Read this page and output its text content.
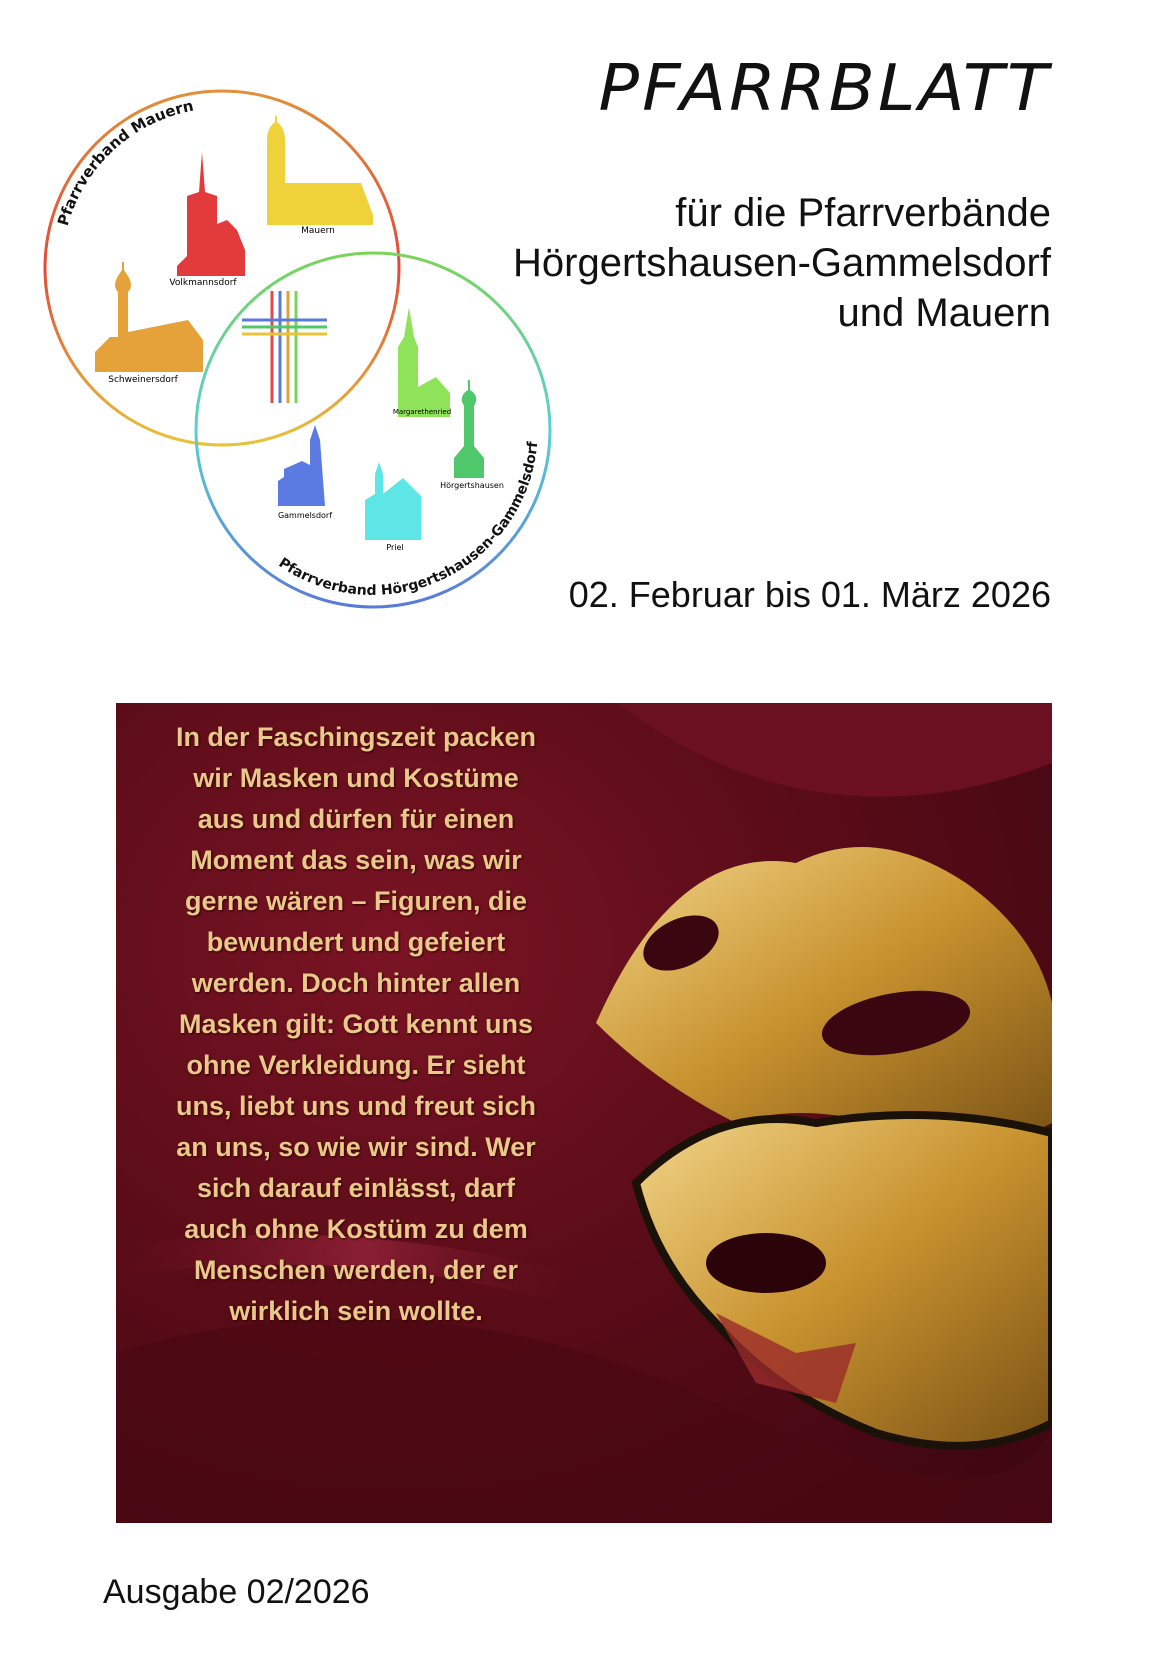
PFARRBLATT
für die Pfarrverbände
Hörgertshausen-Gammelsdorf
und Mauern
02. Februar bis 01. März 2026
Pfarrverband Mauern
Pfarrverband Hörgertshausen-Gammelsdorf
Mauern
Volkmannsdorf
Schweinersdorf
Margarethenried
Hörgertshausen
Gammelsdorf
Priel
In der Faschingszeit packen
wir Masken und Kostüme
aus und dürfen für einen
Moment das sein, was wir
gerne wären – Figuren, die
bewundert und gefeiert
werden. Doch hinter allen
Masken gilt: Gott kennt uns
ohne Verkleidung. Er sieht
uns, liebt uns und freut sich
an uns, so wie wir sind. Wer
sich darauf einlässt, darf
auch ohne Kostüm zu dem
Menschen werden, der er
wirklich sein wollte.
Ausgabe 02/2026
